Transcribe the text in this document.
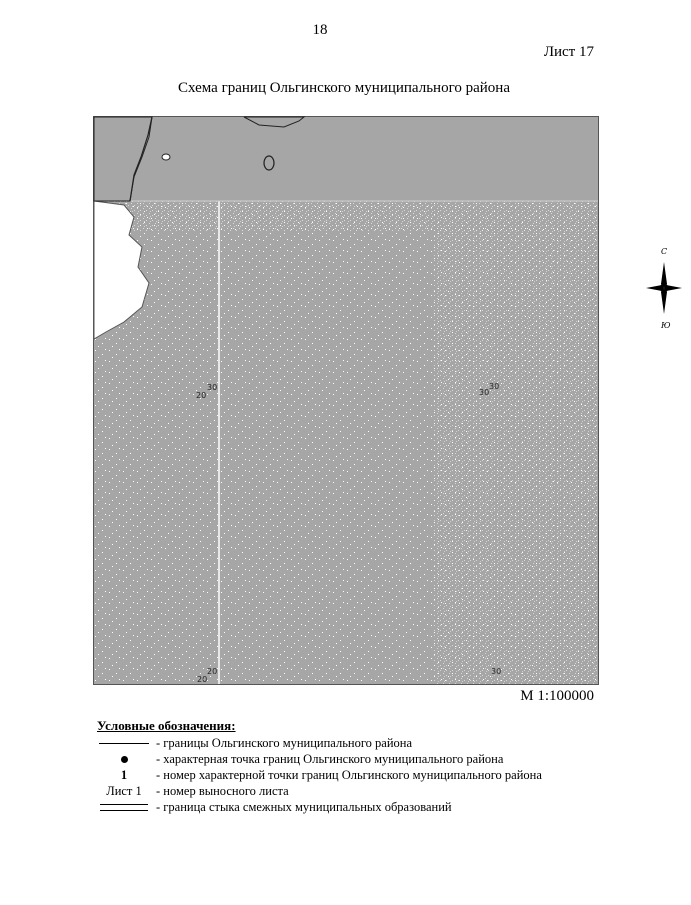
18
Лист 17
Схема границ Ольгинского муниципального района
30
20
30
30
20
20
30
С
Ю
М 1:100000
Условные обозначения:
- границы Ольгинского муниципального района
- характерная точка границ Ольгинского муниципального района
1 - номер характерной точки границ Ольгинского муниципального района
Лист 1 - номер выносного листа
- граница стыка смежных муниципальных образований
